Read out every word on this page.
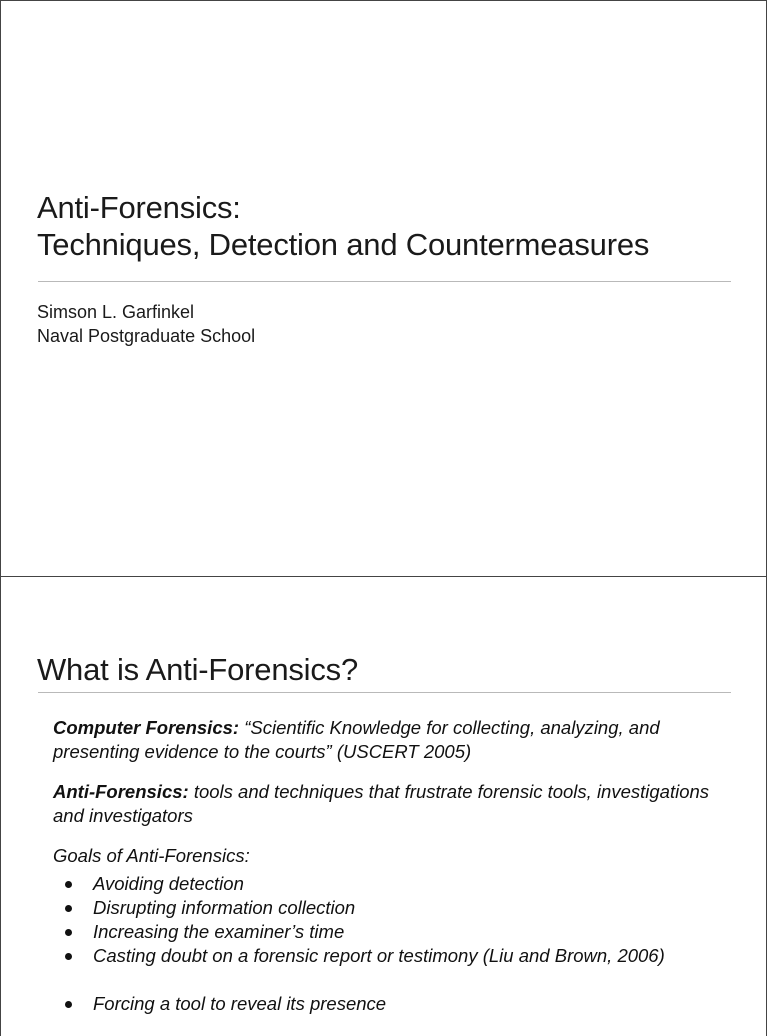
Anti-Forensics:
Techniques, Detection and Countermeasures
Simson L. Garfinkel
Naval Postgraduate School
What is Anti-Forensics?

Computer Forensics: “Scientific Knowledge for collecting, analyzing, and presenting evidence to the courts” (USCERT 2005)

Anti-Forensics: tools and techniques that frustrate forensic tools, investigations and investigators

Goals of Anti-Forensics:

Avoiding detection
Disrupting information collection
Increasing the examiner’s time
Casting doubt on a forensic report or testimony (Liu and Brown, 2006)
Forcing a tool to reveal its presence
